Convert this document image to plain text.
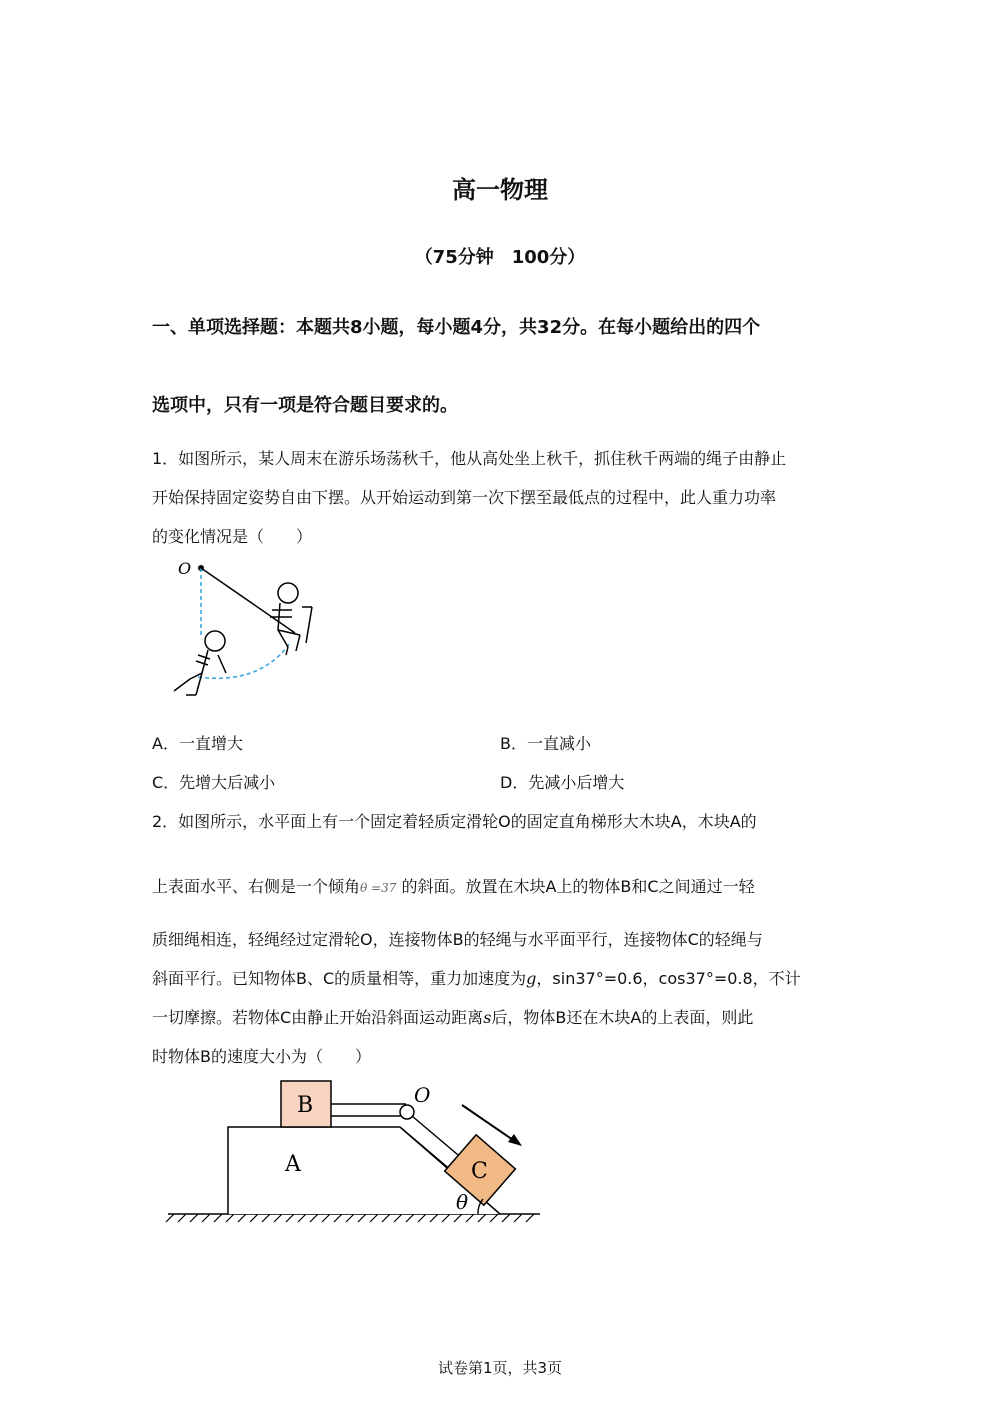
高一物理
（75分钟　100分）
一、单项选择题：本题共8小题，每小题4分，共32分。在每小题给出的四个
选项中，只有一项是符合题目要求的。
1．如图所示，某人周末在游乐场荡秋千，他从高处坐上秋千，抓住秋千两端的绳子由静止
开始保持固定姿势自由下摆。从开始运动到第一次下摆至最低点的过程中，此人重力功率
的变化情况是（　　）
O
A．一直增大	B．一直减小
C．先增大后减小	D．先减小后增大
2．如图所示，水平面上有一个固定着轻质定滑轮O的固定直角梯形大木块A，木块A的
上表面水平、右侧是一个倾角θ =37 的斜面。放置在木块A上的物体B和C之间通过一轻
质细绳相连，轻绳经过定滑轮O，连接物体B的轻绳与水平面平行，连接物体C的轻绳与
斜面平行。已知物体B、C的质量相等，重力加速度为g，sin37°=0.6，cos37°=0.8，不计
一切摩擦。若物体C由静止开始沿斜面运动距离s后，物体B还在木块A的上表面，则此
时物体B的速度大小为（　　）
A
B	O
C
θ
试卷第1页，共3页
